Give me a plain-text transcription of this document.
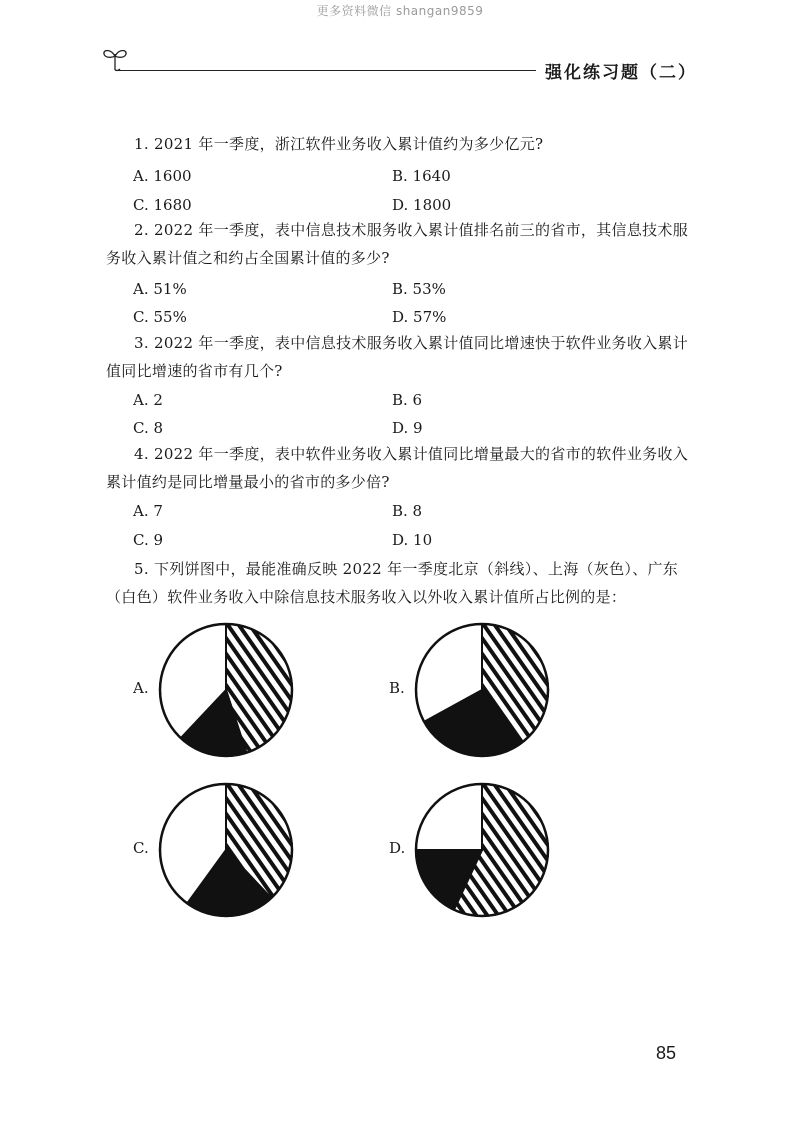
更多资料微信 shangan9859
强化练习题（二）
1. 2021 年一季度，浙江软件业务收入累计值约为多少亿元?
A. 1600	B. 1640
C. 1680	D. 1800
2. 2022 年一季度，表中信息技术服务收入累计值排名前三的省市，其信息技术服务收入累计值之和约占全国累计值的多少?
A. 51%	B. 53%
C. 55%	D. 57%
3. 2022 年一季度，表中信息技术服务收入累计值同比增速快于软件业务收入累计值同比增速的省市有几个?
A. 2	B. 6
C. 8	D. 9
4. 2022 年一季度，表中软件业务收入累计值同比增量最大的省市的软件业务收入累计值约是同比增量最小的省市的多少倍?
A. 7	B. 8
C. 9	D. 10
5. 下列饼图中，最能准确反映 2022 年一季度北京（斜线）、上海（灰色）、广东（白色）软件业务收入中除信息技术服务收入以外收入累计值所占比例的是：
A.	B.
C.	D.
85
